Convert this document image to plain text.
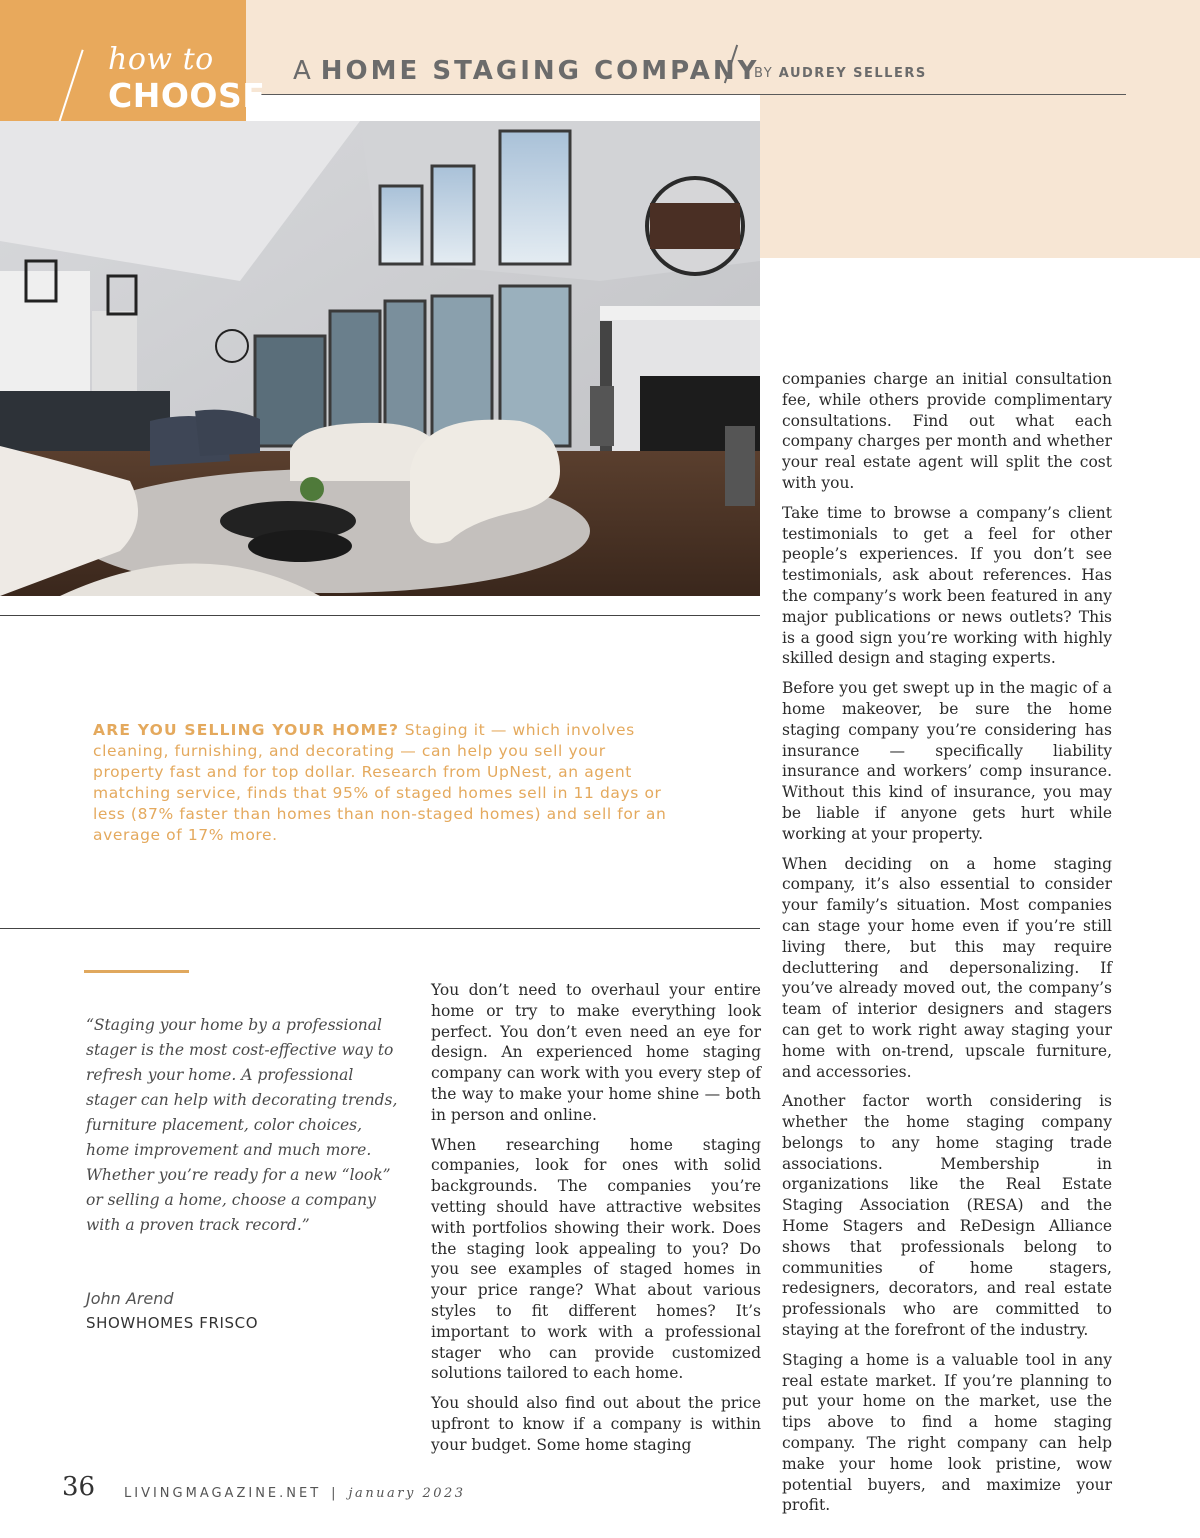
how to
CHOOSE
A HOME STAGING COMPANY
BY AUDREY SELLERS
ARE YOU SELLING YOUR HOME? Staging it — which involves cleaning, furnishing, and decorating — can help you sell your property fast and for top dollar. Research from UpNest, an agent matching service, finds that 95% of staged homes sell in 11 days or less (87% faster than homes than non-staged homes) and sell for an average of 17% more.
“Staging your home by a professional stager is the most cost-effective way to refresh your home. A professional stager can help with decorating trends, furniture placement, color choices, home improvement and much more. Whether you’re ready for a new “look” or selling a home, choose a company with a proven track record.”
John Arend
SHOWHOMES FRISCO

You don’t need to overhaul your entire home or try to make everything look perfect. You don’t even need an eye for design. An experienced home staging company can work with you every step of the way to make your home shine — both in person and online.

When researching home staging companies, look for ones with solid backgrounds. The companies you’re vetting should have attractive websites with portfolios showing their work. Does the staging look appealing to you? Do you see examples of staged homes in your price range? What about various styles to fit different homes? It’s important to work with a professional stager who can provide customized solutions tailored to each home.

You should also find out about the price upfront to know if a company is within your budget. Some home staging

companies charge an initial consultation fee, while others provide complimentary consultations. Find out what each company charges per month and whether your real estate agent will split the cost with you.

Take time to browse a company’s client testimonials to get a feel for other people’s experiences. If you don’t see testimonials, ask about references. Has the company’s work been featured in any major publications or news outlets? This is a good sign you’re working with highly skilled design and staging experts.

Before you get swept up in the magic of a home makeover, be sure the home staging company you’re considering has insurance — specifically liability insurance and workers’ comp insurance. Without this kind of insurance, you may be liable if anyone gets hurt while working at your property.

When deciding on a home staging company, it’s also essential to consider your family’s situation. Most companies can stage your home even if you’re still living there, but this may require decluttering and depersonalizing. If you’ve already moved out, the company’s team of interior designers and stagers can get to work right away staging your home with on-trend, upscale furniture, and accessories.

Another factor worth considering is whether the home staging company belongs to any home staging trade associations. Membership in organizations like the Real Estate Staging Association (RESA) and the Home Stagers and ReDesign Alliance shows that professionals belong to communities of home stagers, redesigners, decorators, and real estate professionals who are committed to staying at the forefront of the industry.

Staging a home is a valuable tool in any real estate market. If you’re planning to put your home on the market, use the tips above to find a home staging company. The right company can help make your home look pristine, wow potential buyers, and maximize your profit.

36 LIVINGMAGAZINE.NET | january 2023
